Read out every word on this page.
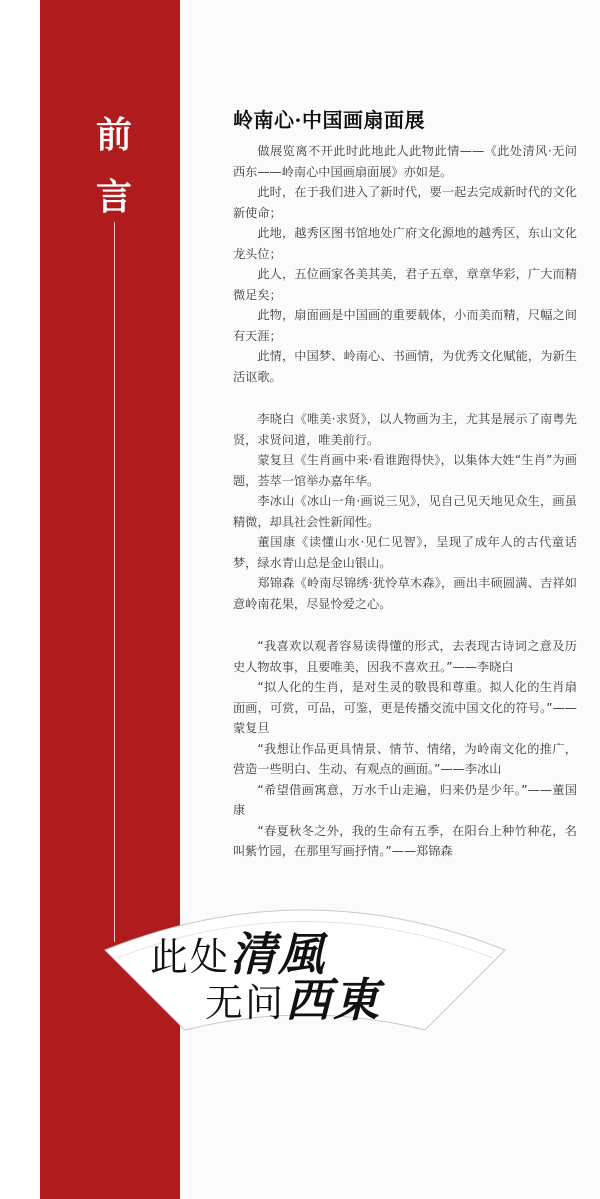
前
言
岭南心·中国画扇面展

做展览离不开此时此地此人此物此情——《此处清风·无问西东——岭南心中国画扇面展》亦如是。

此时，在于我们进入了新时代，要一起去完成新时代的文化新使命；

此地，越秀区图书馆地处广府文化源地的越秀区，东山文化龙头位；

此人，五位画家各美其美，君子五章，章章华彩，广大而精微足矣；

此物，扇面画是中国画的重要载体，小而美而精，尺幅之间有天涯；

此情，中国梦、岭南心、书画情，为优秀文化赋能，为新生活讴歌。

李晓白《唯美·求贤》，以人物画为主，尤其是展示了南粤先贤，求贤问道，唯美前行。

蒙复旦《生肖画中来·看谁跑得快》，以集体大姓“生肖”为画题，荟萃一馆举办嘉年华。

李冰山《冰山一角·画说三见》，见自己见天地见众生，画虽精微，却具社会性新闻性。

董国康《读懂山水·见仁见智》，呈现了成年人的古代童话梦，绿水青山总是金山银山。

郑锦森《岭南尽锦绣·犹怜草木森》，画出丰硕圆满、吉祥如意岭南花果，尽显怜爱之心。

“我喜欢以观者容易读得懂的形式，去表现古诗词之意及历史人物故事，且要唯美，因我不喜欢丑。”——李晓白

“拟人化的生肖，是对生灵的敬畏和尊重。拟人化的生肖扇面画，可赏，可品，可鉴，更是传播交流中国文化的符号。”——蒙复旦

“我想让作品更具情景、情节、情绪，为岭南文化的推广，营造一些明白、生动、有观点的画面。”——李冰山

“希望借画寓意，万水千山走遍，归来仍是少年。”——董国康

“春夏秋冬之外，我的生命有五季，在阳台上种竹种花，名叫紫竹园，在那里写画抒情。”——郑锦森

此处清風
无问西東
